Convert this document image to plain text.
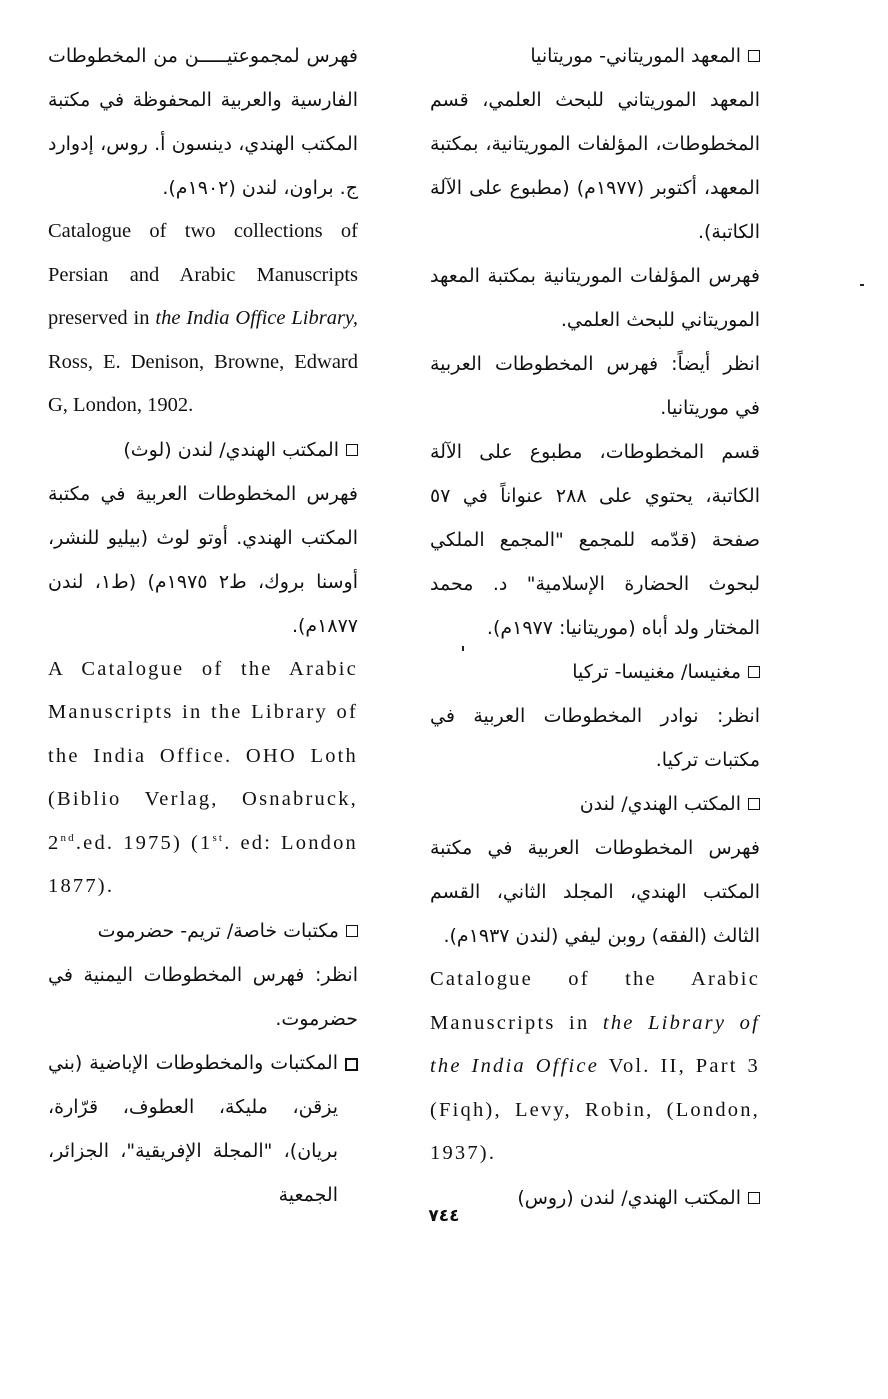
المعهد الموريتاني- موريتانيا

المعهد الموريتاني للبحث العلمي، قسم المخطوطات، المؤلفات الموريتانية، بمكتبة المعهد، أكتوبر (١٩٧٧م) (مطبوع على الآلة الكاتبة).

فهرس المؤلفات الموريتانية بمكتبة المعهد الموريتاني للبحث العلمي.

انظر أيضاً: فهرس المخطوطات العربية في موريتانيا.

قسم المخطوطات، مطبوع على الآلة الكاتبة، يحتوي على ٢٨٨ عنواناً في ٥٧ صفحة (قدّمه للمجمع "المجمع الملكي لبحوث الحضارة الإسلامية" د. محمد المختار ولد أباه (موريتانيا: ١٩٧٧م).

مغنيسا/ مغنيسا- تركيا

انظر: نوادر المخطوطات العربية في مكتبات تركيا.

المكتب الهندي/ لندن

فهرس المخطوطات العربية في مكتبة المكتب الهندي، المجلد الثاني، القسم الثالث (الفقه) روبن ليفي (لندن ١٩٣٧م).

Catalogue of the Arabic Manuscripts in the Library of the India Office Vol. II, Part 3 (Fiqh), Levy, Robin, (London, 1937).

المكتب الهندي/ لندن (روس)

فهرس لمجموعتيـــــن من المخطوطات الفارسية والعربية المحفوظة في مكتبة المكتب الهندي، دينسون أ. روس، إدوارد ج. براون، لندن (١٩٠٢م).

Catalogue of two collections of Persian and Arabic Manuscripts preserved in the India Office Library, Ross, E. Denison, Browne, Edward G, London, 1902.

المكتب الهندي/ لندن (لوث)

فهرس المخطوطات العربية في مكتبة المكتب الهندي. أوتو لوث (بيليو للنشر، أوسنا بروك، ط٢ ١٩٧٥م) (ط١، لندن ١٨٧٧م).

A Catalogue of the Arabic Manuscripts in the Library of the India Office. OHO Loth (Biblio Verlag, Osnabruck, 2nd.ed. 1975) (1st. ed: London 1877).

مكتبات خاصة/ تريم- حضرموت

انظر: فهرس المخطوطات اليمنية في حضرموت.

المكتبات والمخطوطات الإباضية (بني يزقن، مليكة، العطوف، قرّارة، بريان)، "المجلة الإفريقية"، الجزائر، الجمعية
٧٤٤
